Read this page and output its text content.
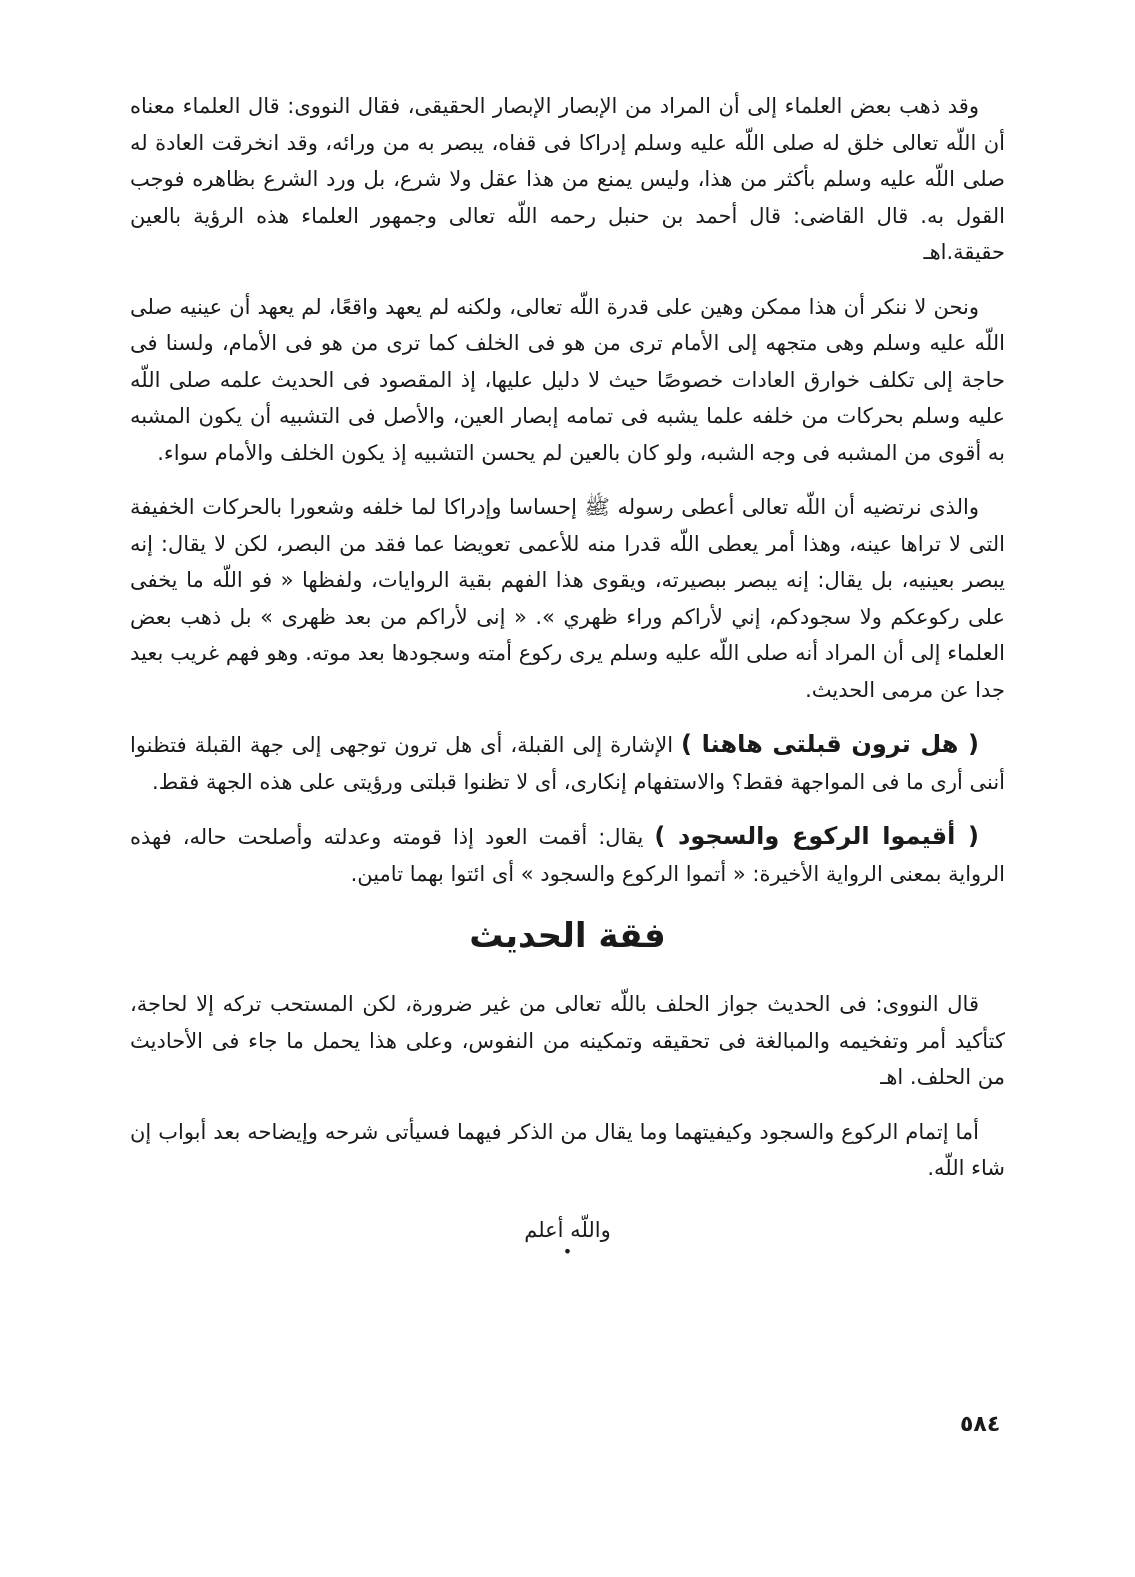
وقد ذهب بعض العلماء إلى أن المراد من الإبصار الإبصار الحقيقى، فقال النووى: قال العلماء معناه أن اللّه تعالى خلق له صلى اللّه عليه وسلم إدراكا فى قفاه، يبصر به من ورائه، وقد انخرقت العادة له صلى اللّه عليه وسلم بأكثر من هذا، وليس يمنع من هذا عقل ولا شرع، بل ورد الشرع بظاهره فوجب القول به. قال القاضى: قال أحمد بن حنبل رحمه اللّه تعالى وجمهور العلماء هذه الرؤية بالعين حقيقة.اهـ

ونحن لا ننكر أن هذا ممكن وهين على قدرة اللّه تعالى، ولكنه لم يعهد واقعًا، لم يعهد أن عينيه صلى اللّه عليه وسلم وهى متجهه إلى الأمام ترى من هو فى الخلف كما ترى من هو فى الأمام، ولسنا فى حاجة إلى تكلف خوارق العادات خصوصًا حيث لا دليل عليها، إذ المقصود فى الحديث علمه صلى اللّه عليه وسلم بحركات من خلفه علما يشبه فى تمامه إبصار العين، والأصل فى التشبيه أن يكون المشبه به أقوى من المشبه فى وجه الشبه، ولو كان بالعين لم يحسن التشبيه إذ يكون الخلف والأمام سواء.

والذى نرتضيه أن اللّه تعالى أعطى رسوله ﷺ إحساسا وإدراكا لما خلفه وشعورا بالحركات الخفيفة التى لا تراها عينه، وهذا أمر يعطى اللّه قدرا منه للأعمى تعويضا عما فقد من البصر، لكن لا يقال: إنه يبصر بعينيه، بل يقال: إنه يبصر ببصيرته، ويقوى هذا الفهم بقية الروايات، ولفظها « فو اللّه ما يخفى على ركوعكم ولا سجودكم، إني لأراكم وراء ظهري ». « إنى لأراكم من بعد ظهرى » بل ذهب بعض العلماء إلى أن المراد أنه صلى اللّه عليه وسلم يرى ركوع أمته وسجودها بعد موته. وهو فهم غريب بعيد جدا عن مرمى الحديث.

( هل ترون قبلتى هاهنا ) الإشارة إلى القبلة، أى هل ترون توجهى إلى جهة القبلة فتظنوا أننى أرى ما فى المواجهة فقط؟ والاستفهام إنكارى، أى لا تظنوا قبلتى ورؤيتى على هذه الجهة فقط.

( أقيموا الركوع والسجود ) يقال: أقمت العود إذا قومته وعدلته وأصلحت حاله، فهذه الرواية بمعنى الرواية الأخيرة: « أتموا الركوع والسجود » أى ائتوا بهما تامين.

فقة الحديث

قال النووى: فى الحديث جواز الحلف باللّه تعالى من غير ضرورة، لكن المستحب تركه إلا لحاجة، كتأكيد أمر وتفخيمه والمبالغة فى تحقيقه وتمكينه من النفوس، وعلى هذا يحمل ما جاء فى الأحاديث من الحلف. اهـ

أما إتمام الركوع والسجود وكيفيتهما وما يقال من الذكر فيهما فسيأتى شرحه وإيضاحه بعد أبواب إن شاء اللّه.

واللّه أعلم
•
٥٨٤
